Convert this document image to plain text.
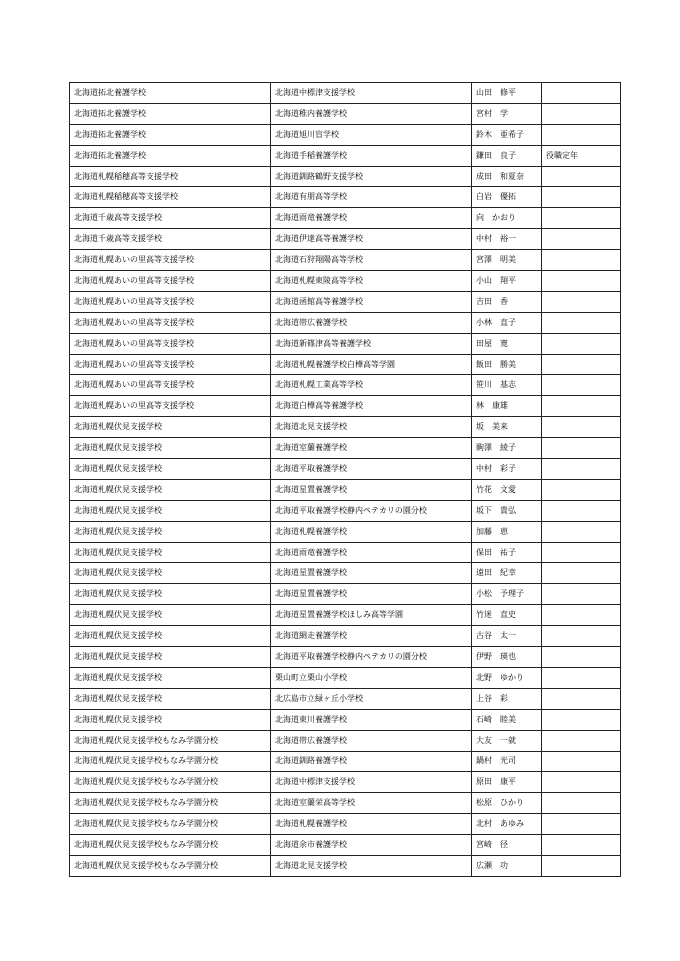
北海道拓北養護学校	北海道中標津支援学校	山田　修平	
北海道拓北養護学校	北海道稚内養護学校	宮村　学	
北海道拓北養護学校	北海道旭川盲学校	鈴木　亜希子	
北海道拓北養護学校	北海道手稲養護学校	鎌田　良子	役職定年
北海道札幌稲穂高等支援学校	北海道釧路鶴野支援学校	成田　和夏奈	
北海道札幌稲穂高等支援学校	北海道有朋高等学校	白岩　優拓	
北海道千歳高等支援学校	北海道雨竜養護学校	向　かおり	
北海道千歳高等支援学校	北海道伊達高等養護学校	中村　裕一	
北海道札幌あいの里高等支援学校	北海道石狩翔陽高等学校	宮澤　明美	
北海道札幌あいの里高等支援学校	北海道札幌東陵高等学校	小山　翔平	
北海道札幌あいの里高等支援学校	北海道函館高等養護学校	吉田　香	
北海道札幌あいの里高等支援学校	北海道帯広養護学校	小林　直子	
北海道札幌あいの里高等支援学校	北海道新篠津高等養護学校	田屋　寛	
北海道札幌あいの里高等支援学校	北海道札幌養護学校白樺高等学園	飯田　勝美	
北海道札幌あいの里高等支援学校	北海道札幌工業高等学校	笹川　基志	
北海道札幌あいの里高等支援学校	北海道白樺高等養護学校	林　康雄	
北海道札幌伏見支援学校	北海道北見支援学校	坂　美来	
北海道札幌伏見支援学校	北海道室蘭養護学校	駒澤　綾子	
北海道札幌伏見支援学校	北海道平取養護学校	中村　彩子	
北海道札幌伏見支援学校	北海道星置養護学校	竹花　文愛	
北海道札幌伏見支援学校	北海道平取養護学校静内ペテカリの園分校	坂下　貴弘	
北海道札幌伏見支援学校	北海道札幌養護学校	加藤　恵	
北海道札幌伏見支援学校	北海道雨竜養護学校	保田　祐子	
北海道札幌伏見支援学校	北海道星置養護学校	遠田　紀幸	
北海道札幌伏見支援学校	北海道星置養護学校	小松　予理子	
北海道札幌伏見支援学校	北海道星置養護学校ほしみ高等学園	竹迷　直史	
北海道札幌伏見支援学校	北海道網走養護学校	古谷　太一	
北海道札幌伏見支援学校	北海道平取養護学校静内ペテカリの園分校	伊野　瑛也	
北海道札幌伏見支援学校	栗山町立栗山小学校	北野　ゆかり	
北海道札幌伏見支援学校	北広島市立緑ヶ丘小学校	上谷　彩	
北海道札幌伏見支援学校	北海道東川養護学校	石崎　睦美	
北海道札幌伏見支援学校もなみ学園分校	北海道帯広養護学校	大友　一就	
北海道札幌伏見支援学校もなみ学園分校	北海道釧路養護学校	鍋村　光司	
北海道札幌伏見支援学校もなみ学園分校	北海道中標津支援学校	原田　康平	
北海道札幌伏見支援学校もなみ学園分校	北海道室蘭栄高等学校	松原　ひかり	
北海道札幌伏見支援学校もなみ学園分校	北海道札幌養護学校	北村　あゆみ	
北海道札幌伏見支援学校もなみ学園分校	北海道余市養護学校	宮崎　径	
北海道札幌伏見支援学校もなみ学園分校	北海道北見支援学校	広瀬　功	
